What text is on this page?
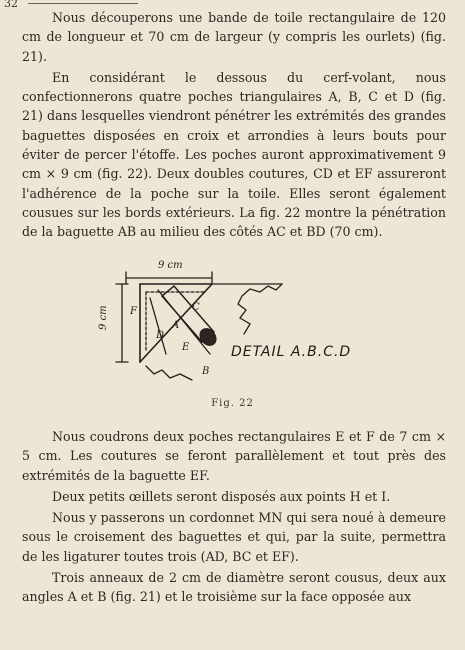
32

Nous découperons une bande de toile rectangulaire de 120 cm de longueur et 70 cm de largeur (y compris les ourlets) (fig. 21).

En considérant le dessous du cerf-volant, nous confectionnerons quatre poches triangulaires A, B, C et D (fig. 21) dans lesquelles viendront pénétrer les extrémités des grandes baguettes disposées en croix et arrondies à leurs bouts pour éviter de percer l'étoffe. Les poches auront approximativement 9 cm × 9 cm (fig. 22). Deux doubles coutures, CD et EF assureront l'adhérence de la poche sur la toile. Elles seront également cousues sur les bords extérieurs. La fig. 22 montre la pénétration de la baguette AB au milieu des côtés AC et BD (70 cm).

9 cm
9 cm F
A
C
D
E
B
DETAIL A.B.C.D
Fig. 22

Nous coudrons deux poches rectangulaires E et F de 7 cm × 5 cm. Les coutures se feront parallèlement et tout près des extrémités de la baguette EF.

Deux petits œillets seront disposés aux points H et I.

Nous y passerons un cordonnet MN qui sera noué à demeure sous le croisement des baguettes et qui, par la suite, permettra de les ligaturer toutes trois (AD, BC et EF).

Trois anneaux de 2 cm de diamètre seront cousus, deux aux angles A et B (fig. 21) et le troisième sur la face opposée aux
